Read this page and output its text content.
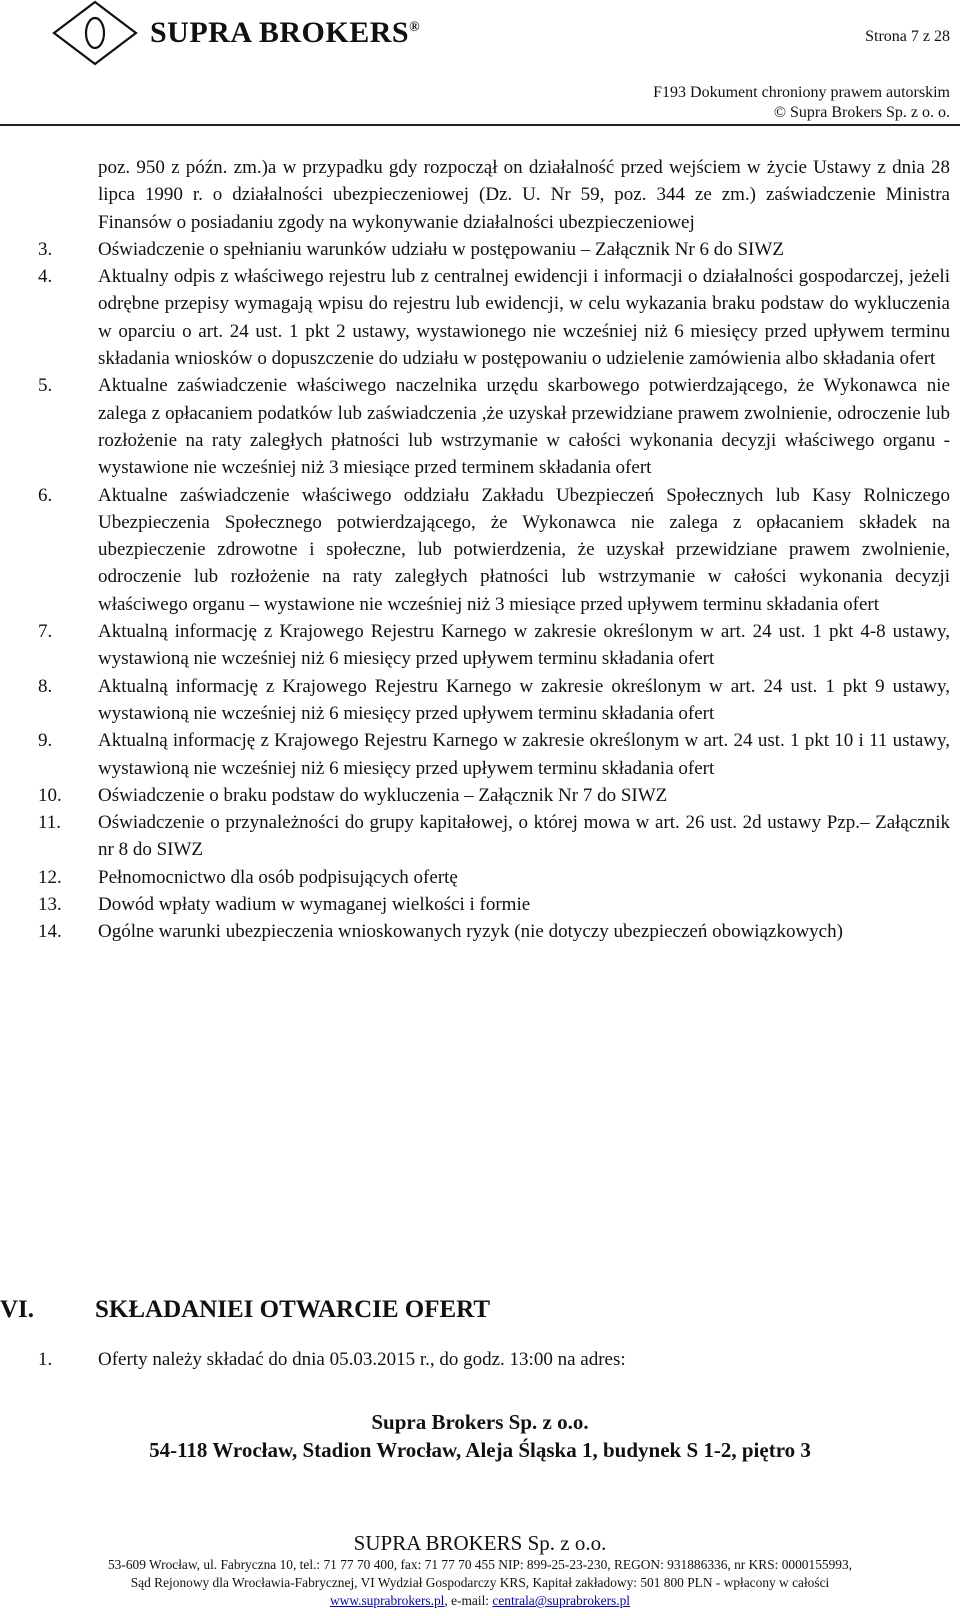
SUPRA BROKERS®
Strona 7 z 28
F193 Dokument chroniony prawem autorskim
© Supra Brokers Sp. z o. o.
poz. 950 z późn. zm.)a w przypadku gdy rozpoczął on działalność przed wejściem w życie Ustawy z dnia 28 lipca 1990 r. o działalności ubezpieczeniowej (Dz. U. Nr 59, poz. 344 ze zm.) zaświadczenie Ministra Finansów o posiadaniu zgody na wykonywanie działalności ubezpieczeniowej
3.	Oświadczenie o spełnianiu warunków udziału w postępowaniu – Załącznik Nr 6 do SIWZ
4.	Aktualny odpis z właściwego rejestru lub z centralnej ewidencji i informacji o działalności gospodarczej, jeżeli odrębne przepisy wymagają wpisu do rejestru lub ewidencji, w celu wykazania braku podstaw do wykluczenia w oparciu o art. 24 ust. 1 pkt 2 ustawy, wystawionego nie wcześniej niż 6 miesięcy przed upływem terminu składania wniosków o dopuszczenie do udziału w postępowaniu o udzielenie zamówienia albo składania ofert
5.	Aktualne zaświadczenie właściwego naczelnika urzędu skarbowego potwierdzającego, że Wykonawca nie zalega z opłacaniem podatków lub zaświadczenia ,że uzyskał przewidziane prawem zwolnienie, odroczenie lub rozłożenie na raty zaległych płatności lub wstrzymanie w całości wykonania decyzji właściwego organu - wystawione nie wcześniej niż 3 miesiące przed terminem składania ofert
6.	Aktualne zaświadczenie właściwego oddziału Zakładu Ubezpieczeń Społecznych lub Kasy Rolniczego Ubezpieczenia Społecznego potwierdzającego, że Wykonawca nie zalega z opłacaniem składek na ubezpieczenie zdrowotne i społeczne, lub potwierdzenia, że uzyskał przewidziane prawem zwolnienie, odroczenie lub rozłożenie na raty zaległych płatności lub wstrzymanie w całości wykonania decyzji właściwego organu – wystawione nie wcześniej niż 3 miesiące przed upływem terminu składania ofert
7.	Aktualną informację z Krajowego Rejestru Karnego w zakresie określonym w art. 24 ust. 1 pkt 4-8 ustawy, wystawioną nie wcześniej niż 6 miesięcy przed upływem terminu składania ofert
8.	Aktualną informację z Krajowego Rejestru Karnego w zakresie określonym w art. 24 ust. 1 pkt 9 ustawy, wystawioną nie wcześniej niż 6 miesięcy przed upływem terminu składania ofert
9.	Aktualną informację z Krajowego Rejestru Karnego w zakresie określonym w art. 24 ust. 1 pkt 10 i 11 ustawy, wystawioną nie wcześniej niż 6 miesięcy przed upływem terminu składania ofert
10.	Oświadczenie o braku podstaw do wykluczenia – Załącznik Nr 7 do SIWZ
11.	Oświadczenie o przynależności do grupy kapitałowej, o której mowa w art. 26 ust. 2d ustawy Pzp.– Załącznik nr 8 do SIWZ
12.	Pełnomocnictwo dla osób podpisujących ofertę
13.	Dowód wpłaty wadium w wymaganej wielkości i formie
14.	Ogólne warunki ubezpieczenia wnioskowanych ryzyk (nie dotyczy ubezpieczeń obowiązkowych)
VI. SKŁADANIEI OTWARCIE OFERT
1.	Oferty należy składać do dnia 05.03.2015 r., do godz. 13:00 na adres:
Supra Brokers Sp. z o.o.
54-118 Wrocław, Stadion Wrocław, Aleja Śląska 1, budynek S 1-2, piętro 3
SUPRA BROKERS Sp. z o.o.
53-609 Wrocław, ul. Fabryczna 10, tel.: 71 77 70 400, fax: 71 77 70 455 NIP: 899-25-23-230, REGON: 931886336, nr KRS: 0000155993,
Sąd Rejonowy dla Wrocławia-Fabrycznej, VI Wydział Gospodarczy KRS, Kapitał zakładowy: 501 800 PLN - wpłacony w całości
www.suprabrokers.pl, e-mail: centrala@suprabrokers.pl
